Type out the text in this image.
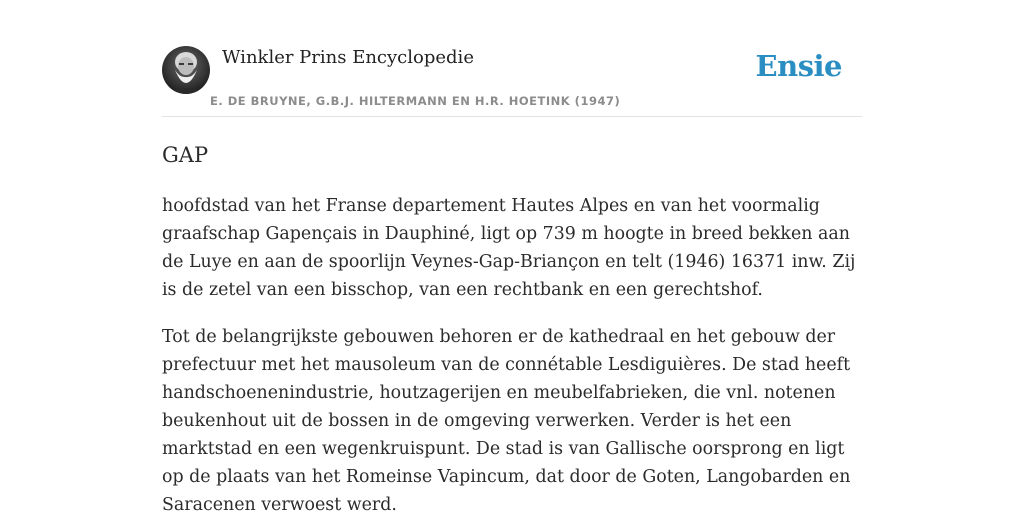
Winkler Prins Encyclopedie
E. DE BRUYNE, G.B.J. HILTERMANN EN H.R. HOETINK (1947)
Ensie
GAP

hoofdstad van het Franse departement Hautes Alpes en van het voormalig graafschap Gapençais in Dauphiné, ligt op 739 m hoogte in breed bekken aan de Luye en aan de spoorlijn Veynes-Gap-Briançon en telt (1946) 16371 inw. Zij is de zetel van een bisschop, van een rechtbank en een gerechtshof.

Tot de belangrijkste gebouwen behoren er de kathedraal en het gebouw der prefectuur met het mausoleum van de connétable Lesdiguières. De stad heeft handschoenenindustrie, houtzagerijen en meubelfabrieken, die vnl. notenen beukenhout uit de bossen in de omgeving verwerken. Verder is het een marktstad en een wegenkruispunt. De stad is van Gallische oorsprong en ligt op de plaats van het Romeinse Vapincum, dat door de Goten, Langobarden en Saracenen verwoest werd.
